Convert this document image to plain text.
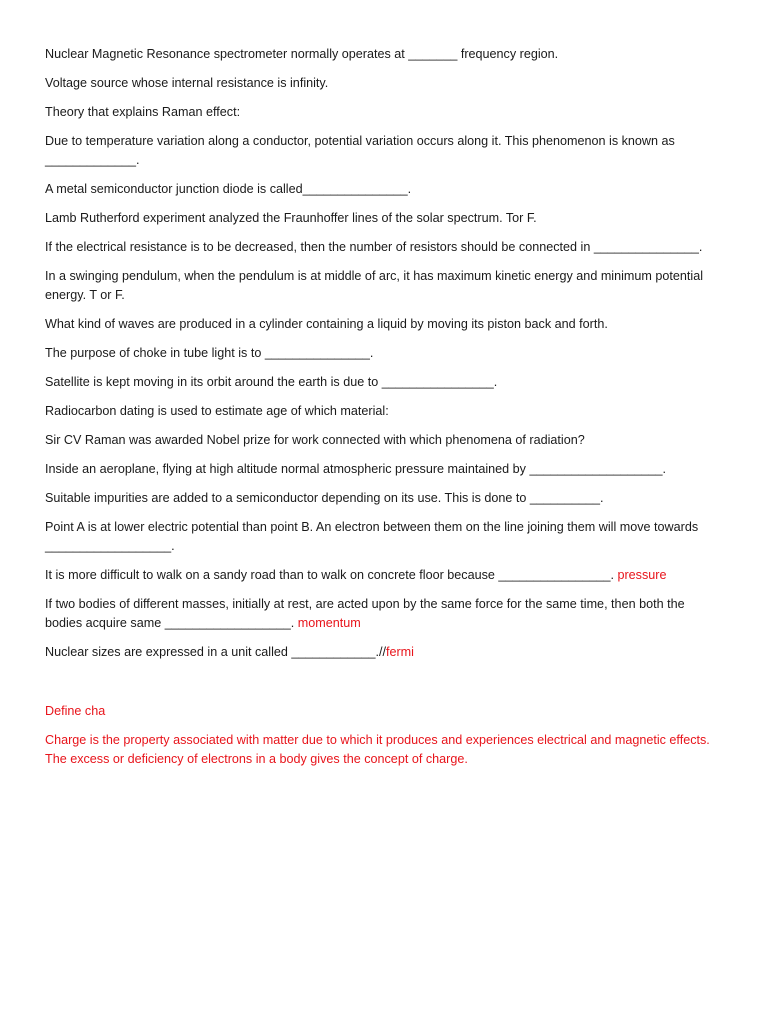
Nuclear Magnetic Resonance spectrometer normally operates at _______ frequency region.
Voltage source whose internal resistance is infinity.
Theory that explains Raman effect:
Due to temperature variation along a conductor, potential variation occurs along it. This phenomenon is known as _____________.
A metal semiconductor junction diode is called_______________.
Lamb Rutherford experiment analyzed the Fraunhoffer lines of the solar spectrum. Tor F.
If the electrical resistance is to be decreased, then the number of resistors should be connected in _______________.
In a swinging pendulum, when the pendulum is at middle of arc, it has maximum kinetic energy and minimum potential energy. T or F.
What kind of waves are produced in a cylinder containing a liquid by moving its piston back and forth.
The purpose of choke in tube light is to _______________.
Satellite is kept moving in its orbit around the earth is due to ________________.
Radiocarbon dating is used to estimate age of which material:
Sir CV Raman was awarded Nobel prize for work connected with which phenomena of radiation?
Inside an aeroplane, flying at high altitude normal atmospheric pressure maintained by ___________________.
Suitable impurities are added to a semiconductor depending on its use. This is done to __________.
Point A is at lower electric potential than point B. An electron between them on the line joining them will move towards __________________.
It is more difficult to walk on a sandy road than to walk on concrete floor because ________________. pressure
If two bodies of different masses, initially at rest, are acted upon by the same force for the same time, then both the bodies acquire same __________________. momentum
Nuclear sizes are expressed in a unit called ____________.//fermi
Define cha
Charge is the property associated with matter due to which it produces and experiences electrical and magnetic effects. The excess or deficiency of electrons in a body gives the concept of charge.
